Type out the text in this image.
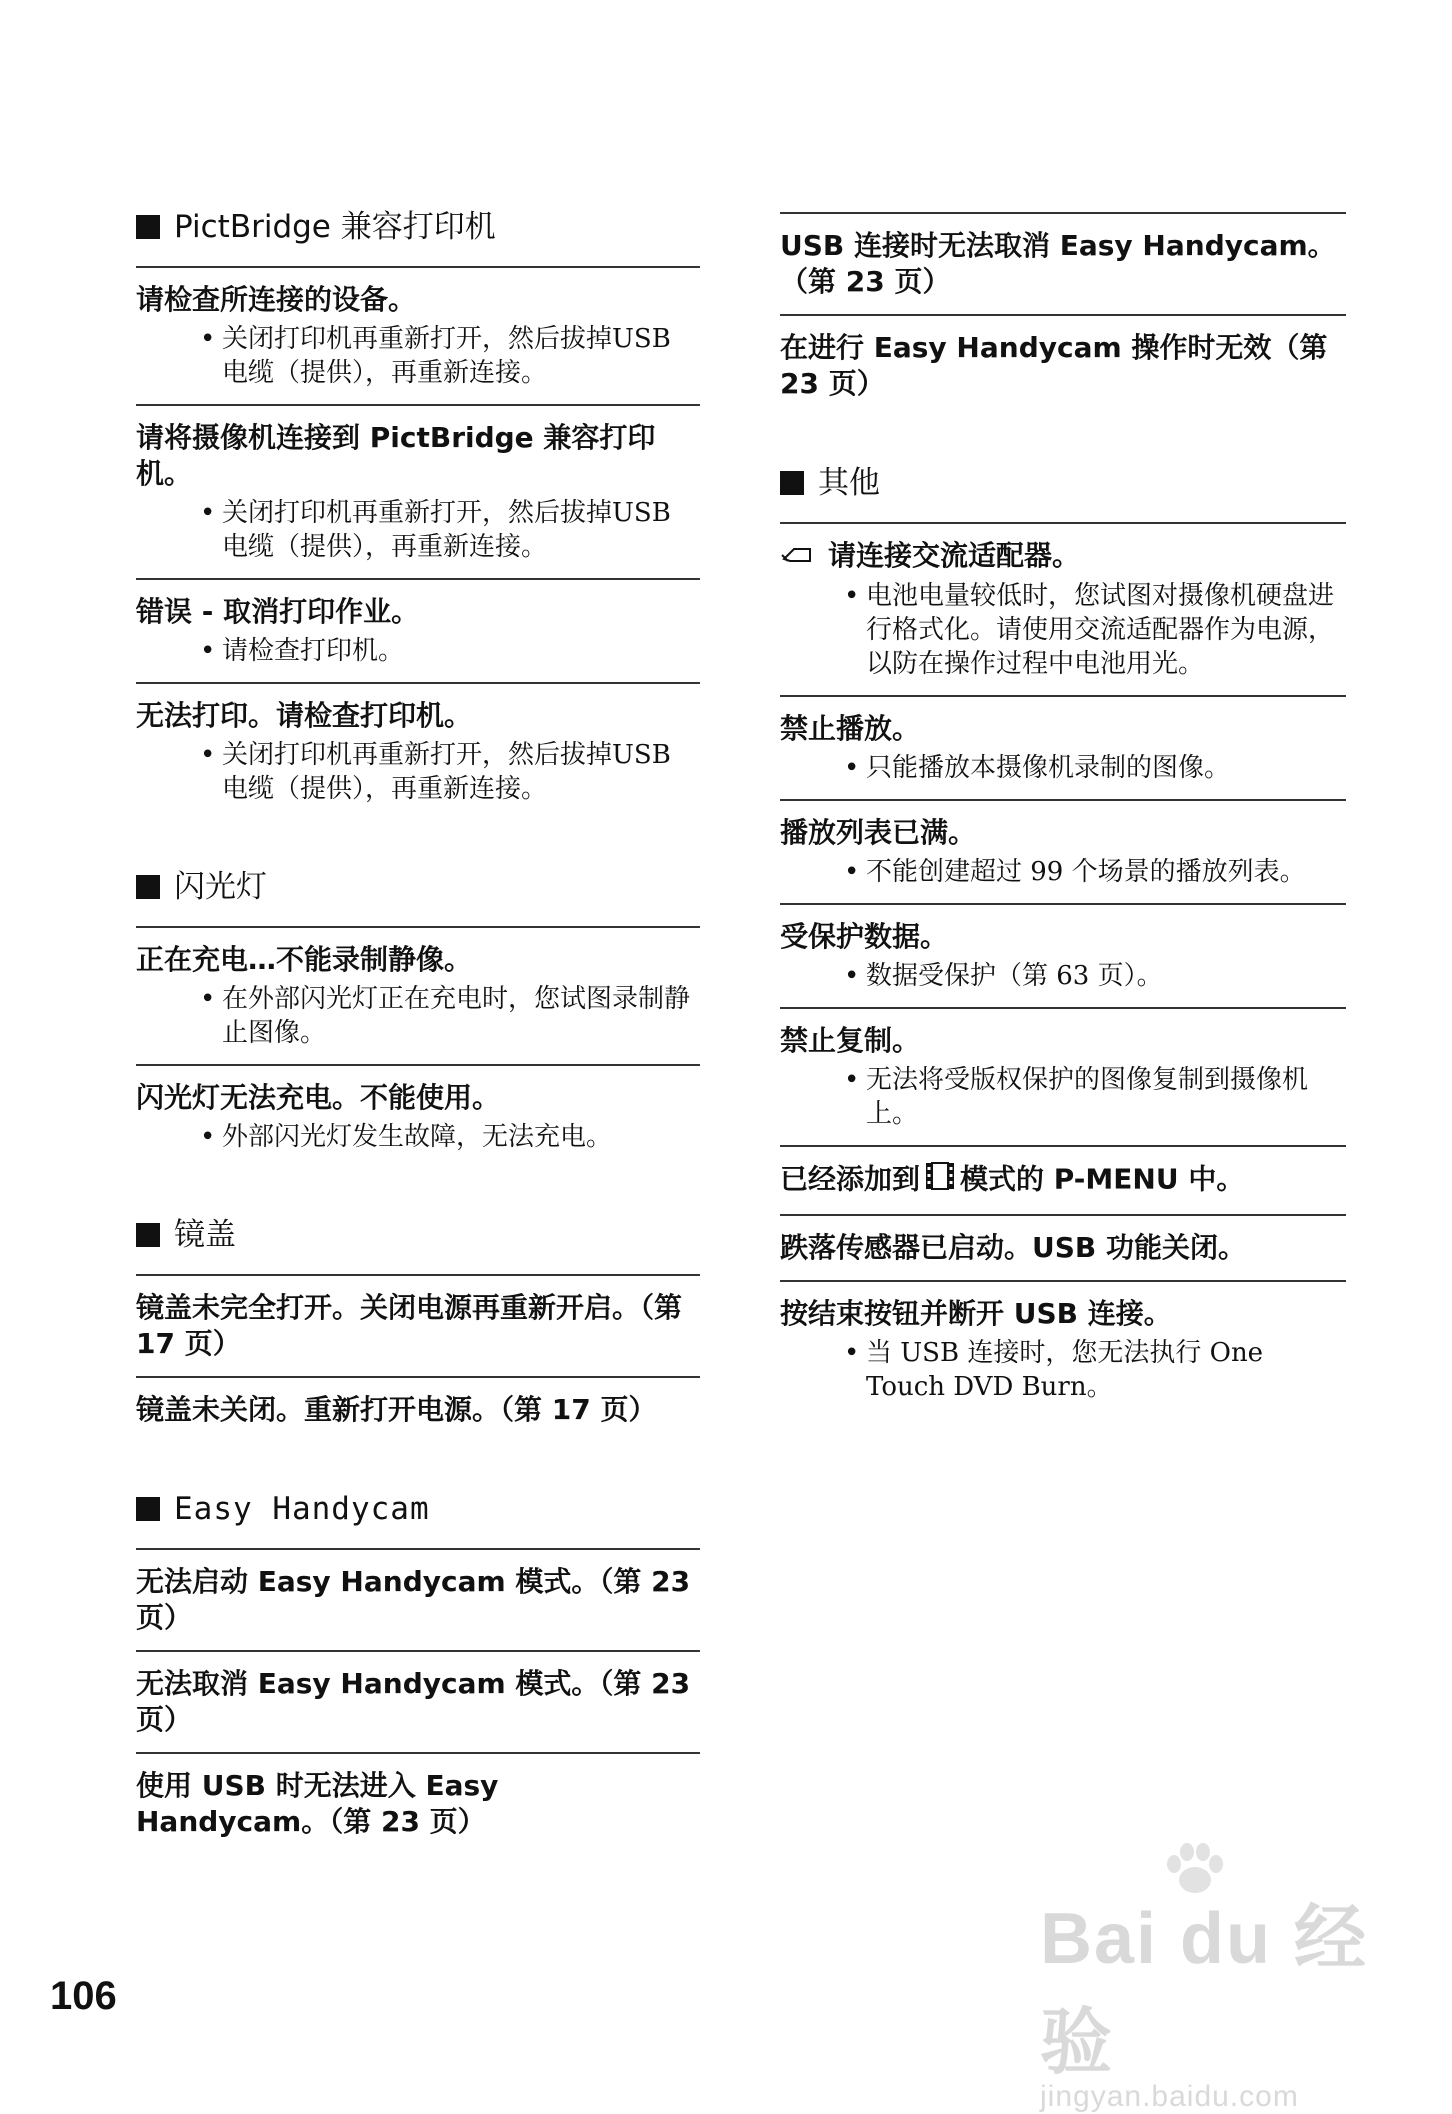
PictBridge 兼容打印机
请检查所连接的设备。
• 关闭打印机再重新打开，然后拔掉USB 电缆（提供），再重新连接。
请将摄像机连接到 PictBridge 兼容打印机。
• 关闭打印机再重新打开，然后拔掉USB 电缆（提供），再重新连接。
错误 - 取消打印作业。
• 请检查打印机。
无法打印。请检查打印机。
• 关闭打印机再重新打开，然后拔掉USB 电缆（提供），再重新连接。
闪光灯
正在充电…不能录制静像。
• 在外部闪光灯正在充电时，您试图录制静止图像。
闪光灯无法充电。不能使用。
• 外部闪光灯发生故障，无法充电。
镜盖
镜盖未完全打开。关闭电源再重新开启。（第 17 页）
镜盖未关闭。重新打开电源。（第 17 页）
Easy Handycam
无法启动 Easy Handycam 模式。（第 23 页）
无法取消 Easy Handycam 模式。（第 23 页）
使用 USB 时无法进入 Easy Handycam。（第 23 页）
USB 连接时无法取消 Easy Handycam。（第 23 页）
在进行 Easy Handycam 操作时无效（第 23 页）
其他
请连接交流适配器。
• 电池电量较低时，您试图对摄像机硬盘进行格式化。请使用交流适配器作为电源，以防在操作过程中电池用光。
禁止播放。
• 只能播放本摄像机录制的图像。
播放列表已满。
• 不能创建超过 99 个场景的播放列表。
受保护数据。
• 数据受保护（第 63 页）。
禁止复制。
• 无法将受版权保护的图像复制到摄像机上。
已经添加到 模式的 P-MENU 中。
跌落传感器已启动。USB 功能关闭。
按结束按钮并断开 USB 连接。
• 当 USB 连接时，您无法执行 One Touch DVD Burn。
106
Bai du 经验
jingyan.baidu.com
